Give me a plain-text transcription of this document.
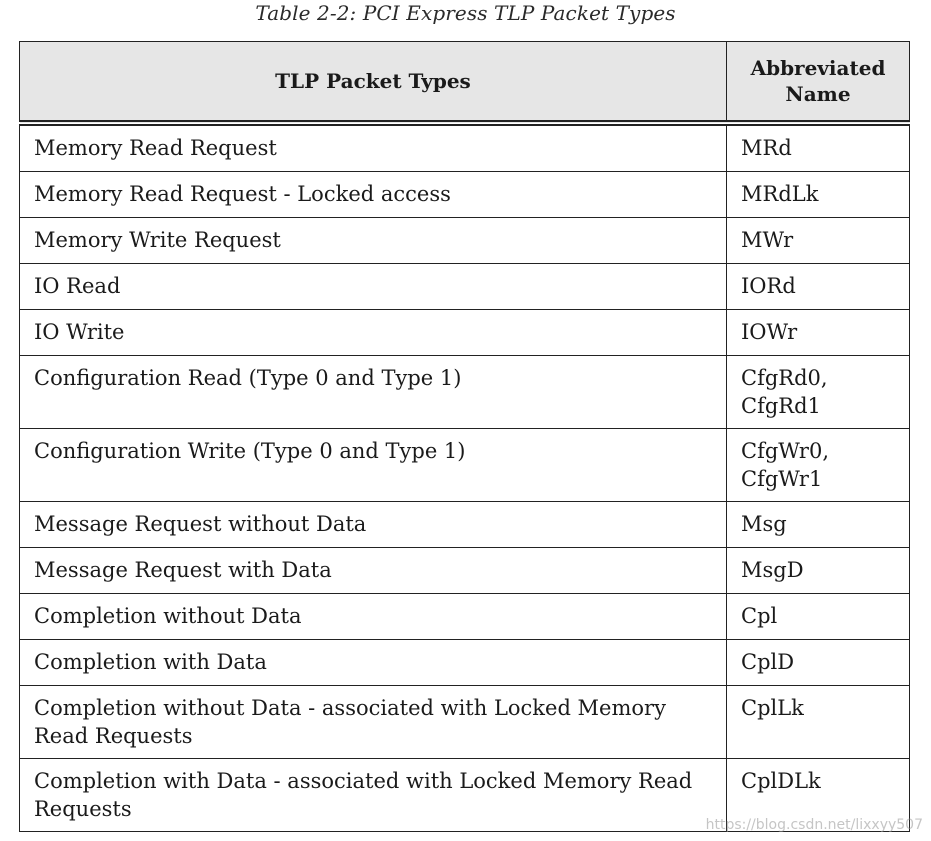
Table 2-2: PCI Express TLP Packet Types
TLP Packet Types	Abbreviated Name
Memory Read Request	MRd
Memory Read Request - Locked access	MRdLk
Memory Write Request	MWr
IO Read	IORd
IO Write	IOWr
Configuration Read (Type 0 and Type 1)	CfgRd0, CfgRd1
Configuration Write (Type 0 and Type 1)	CfgWr0, CfgWr1
Message Request without Data	Msg
Message Request with Data	MsgD
Completion without Data	Cpl
Completion with Data	CplD
Completion without Data - associated with Locked Memory Read Requests	CplLk
Completion with Data - associated with Locked Memory Read Requests	CplDLk
https://blog.csdn.net/lixxyy507
